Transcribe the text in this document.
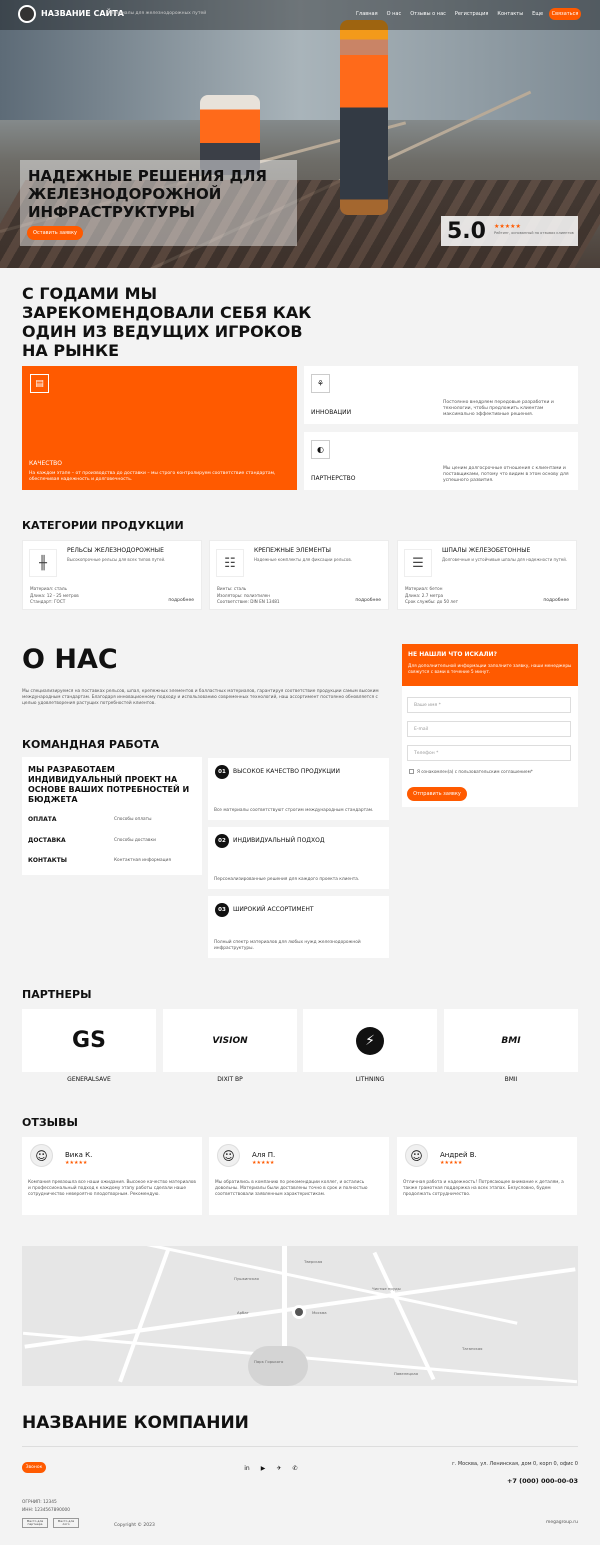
НАЗВАНИЕ САЙТА
Материалы для железнодорожных путей	Главная О нас Отзывы о нас Регистрация Контакты Еще	Связаться
НАДЕЖНЫЕ РЕШЕНИЯ ДЛЯ ЖЕЛЕЗНОДОРОЖНОЙ ИНФРАСТРУКТУРЫ
Оставить заявку	5.0 ★★★★★
Рейтинг, основанный на отзывах клиентов
С ГОДАМИ МЫ ЗАРЕКОМЕНДОВАЛИ СЕБЯ КАК ОДИН ИЗ ВЕДУЩИХ ИГРОКОВ НА РЫНКЕ
▤
КАЧЕСТВО
На каждом этапе – от производства до доставки – мы строго контролируем соответствие стандартам, обеспечивая надежность и долговечность.
⚘
ИННОВАЦИИ
Постоянно внедряем передовые разработки и технологии, чтобы предложить клиентам максимально эффективные решения.
◐
ПАРТНЕРСТВО
Мы ценим долгосрочные отношения с клиентами и поставщиками, потому что видим в этом основу для успешного развития.
КАТЕГОРИИ ПРОДУКЦИИ
╫
РЕЛЬСЫ ЖЕЛЕЗНОДОРОЖНЫЕ
Высокопрочные рельсы для всех типов путей.
Материал: сталь
Длина: 12 - 25 метров
Стандарт: ГОСТ	подробнее
☷
КРЕПЕЖНЫЕ ЭЛЕМЕНТЫ
Надежные комплекты для фиксации рельсов.
Винты: сталь
Изоляторы: полиэтилен
Соответствие: DIN EN 13481	подробнее
☰
ШПАЛЫ ЖЕЛЕЗОБЕТОННЫЕ
Долговечные и устойчивые шпалы для надежности путей.
Материал: бетон
Длина: 2.7 метра
Срок службы: до 50 лет	подробнее
О НАС
Мы специализируемся на поставках рельсов, шпал, крепежных элементов и балластных материалов, гарантируя соответствие продукции самым высоким международным стандартам. Благодаря инновационному подходу и использованию современных технологий, наш ассортимент постоянно обновляется с целью удовлетворения растущих потребностей клиентов.
КОМАНДНАЯ РАБОТА
МЫ РАЗРАБОТАЕМ ИНДИВИДУАЛЬНЫЙ ПРОЕКТ НА ОСНОВЕ ВАШИХ ПОТРЕБНОСТЕЙ И БЮДЖЕТА
ОПЛАТА	Способы оплаты
ДОСТАВКА	Способы доставки
КОНТАКТЫ	Контактная информация
01	ВЫСОКОЕ КАЧЕСТВО ПРОДУКЦИИ
Все материалы соответствуют строгим международным стандартам.
02	ИНДИВИДУАЛЬНЫЙ ПОДХОД
Персонализированные решения для каждого проекта клиента.
03	ШИРОКИЙ АССОРТИМЕНТ
Полный спектр материалов для любых нужд железнодорожной инфраструктуры.
НЕ НАШЛИ ЧТО ИСКАЛИ?
Для дополнительной информации заполните заявку, наши менеджеры свяжутся с вами в течение 5 минут.
Ваше имя *
E-mail
Телефон *
Я ознакомлен(а) с пользовательским соглашением*
Отправить заявку
ПАРТНЕРЫ
GS	VISION	⚡	BMI
GENERALSAVE	DIXIT BP	LITHNING	BMII
ОТЗЫВЫ
☺	Вика К.
★★★★★
Компания превзошла все наши ожидания. Высокое качество материалов и профессиональный подход к каждому этапу работы сделали наше сотрудничество невероятно плодотворным. Рекомендую.
☺	Аля П.
★★★★★
Мы обратились в компанию по рекомендации коллег, и остались довольны. Материалы были доставлены точно в срок и полностью соответствовали заявленным характеристикам.
☺	Андрей В.
★★★★★
Отличная работа и надежность! Потрясающее внимание к деталям, а также грамотная поддержка на всех этапах. Безусловно, будем продолжать сотрудничество.
Москва
Тверская
Пушкинская
Чистые пруды
Арбат
Парк Горького
Таганская
Павелецкая
НАЗВАНИЕ КОМПАНИИ
Звонок	in ▶ ✈ ✆
г. Москва, ул. Ленинская, дом 0, корп 0, офис 0
+7 (000) 000-00-03
ОГРНИП: 12345
ИНН: 1234567890000
Место для партнера
Место для лого	Copyright © 2023
megagroup.ru
